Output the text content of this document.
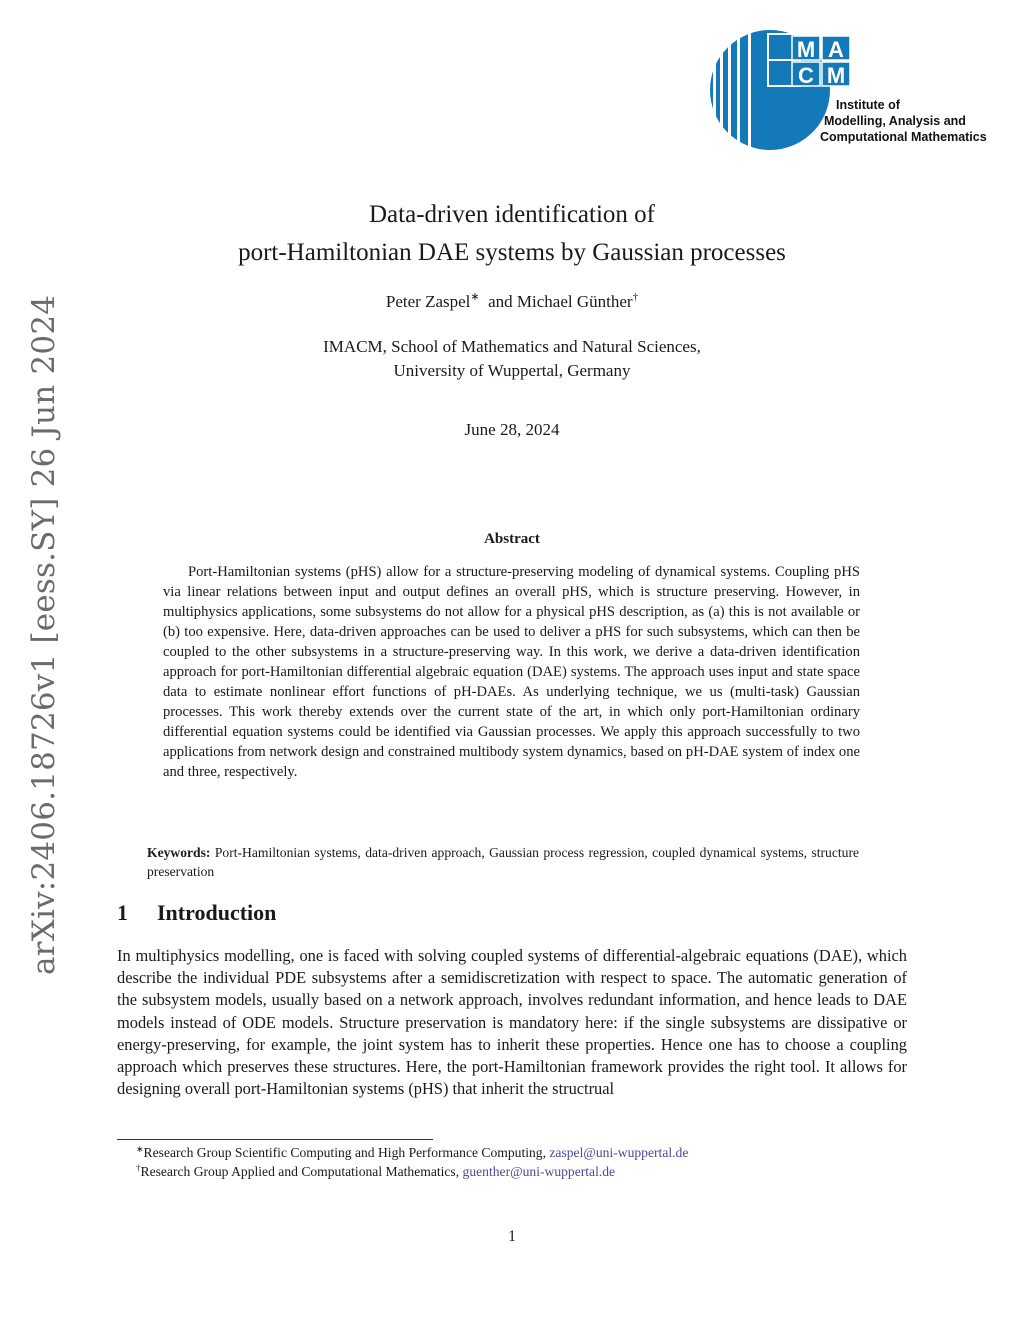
arXiv:2406.18726v1 [eess.SY] 26 Jun 2024
M A
C M
Institute of
Modelling, Analysis and
Computational Mathematics
Data-driven identification of
port-Hamiltonian DAE systems by Gaussian processes
Peter Zaspel∗ and Michael Günther†
IMACM, School of Mathematics and Natural Sciences,
University of Wuppertal, Germany
June 28, 2024
Abstract
Port-Hamiltonian systems (pHS) allow for a structure-preserving modeling of dynamical systems. Coupling pHS via linear relations between input and output defines an overall pHS, which is structure preserving. However, in multiphysics applications, some subsystems do not allow for a physical pHS description, as (a) this is not available or (b) too expensive. Here, data-driven approaches can be used to deliver a pHS for such subsystems, which can then be coupled to the other subsystems in a structure-preserving way. In this work, we derive a data-driven identification approach for port-Hamiltonian differential algebraic equation (DAE) systems. The approach uses input and state space data to estimate nonlinear effort functions of pH-DAEs. As underlying technique, we us (multi-task) Gaussian processes. This work thereby extends over the current state of the art, in which only port-Hamiltonian ordinary differential equation systems could be identified via Gaussian processes. We apply this approach successfully to two applications from network design and constrained multibody system dynamics, based on pH-DAE system of index one and three, respectively.
Keywords: Port-Hamiltonian systems, data-driven approach, Gaussian process regression, coupled dynamical systems, structure preservation
1 Introduction
In multiphysics modelling, one is faced with solving coupled systems of differential-algebraic equations (DAE), which describe the individual PDE subsystems after a semidiscretization with respect to space. The automatic generation of the subsystem models, usually based on a network approach, involves redundant information, and hence leads to DAE models instead of ODE models. Structure preservation is mandatory here: if the single subsystems are dissipative or energy-preserving, for example, the joint system has to inherit these properties. Hence one has to choose a coupling approach which preserves these structures. Here, the port-Hamiltonian framework provides the right tool. It allows for designing overall port-Hamiltonian systems (pHS) that inherit the structrual
∗Research Group Scientific Computing and High Performance Computing, zaspel@uni-wuppertal.de
†Research Group Applied and Computational Mathematics, guenther@uni-wuppertal.de
1
